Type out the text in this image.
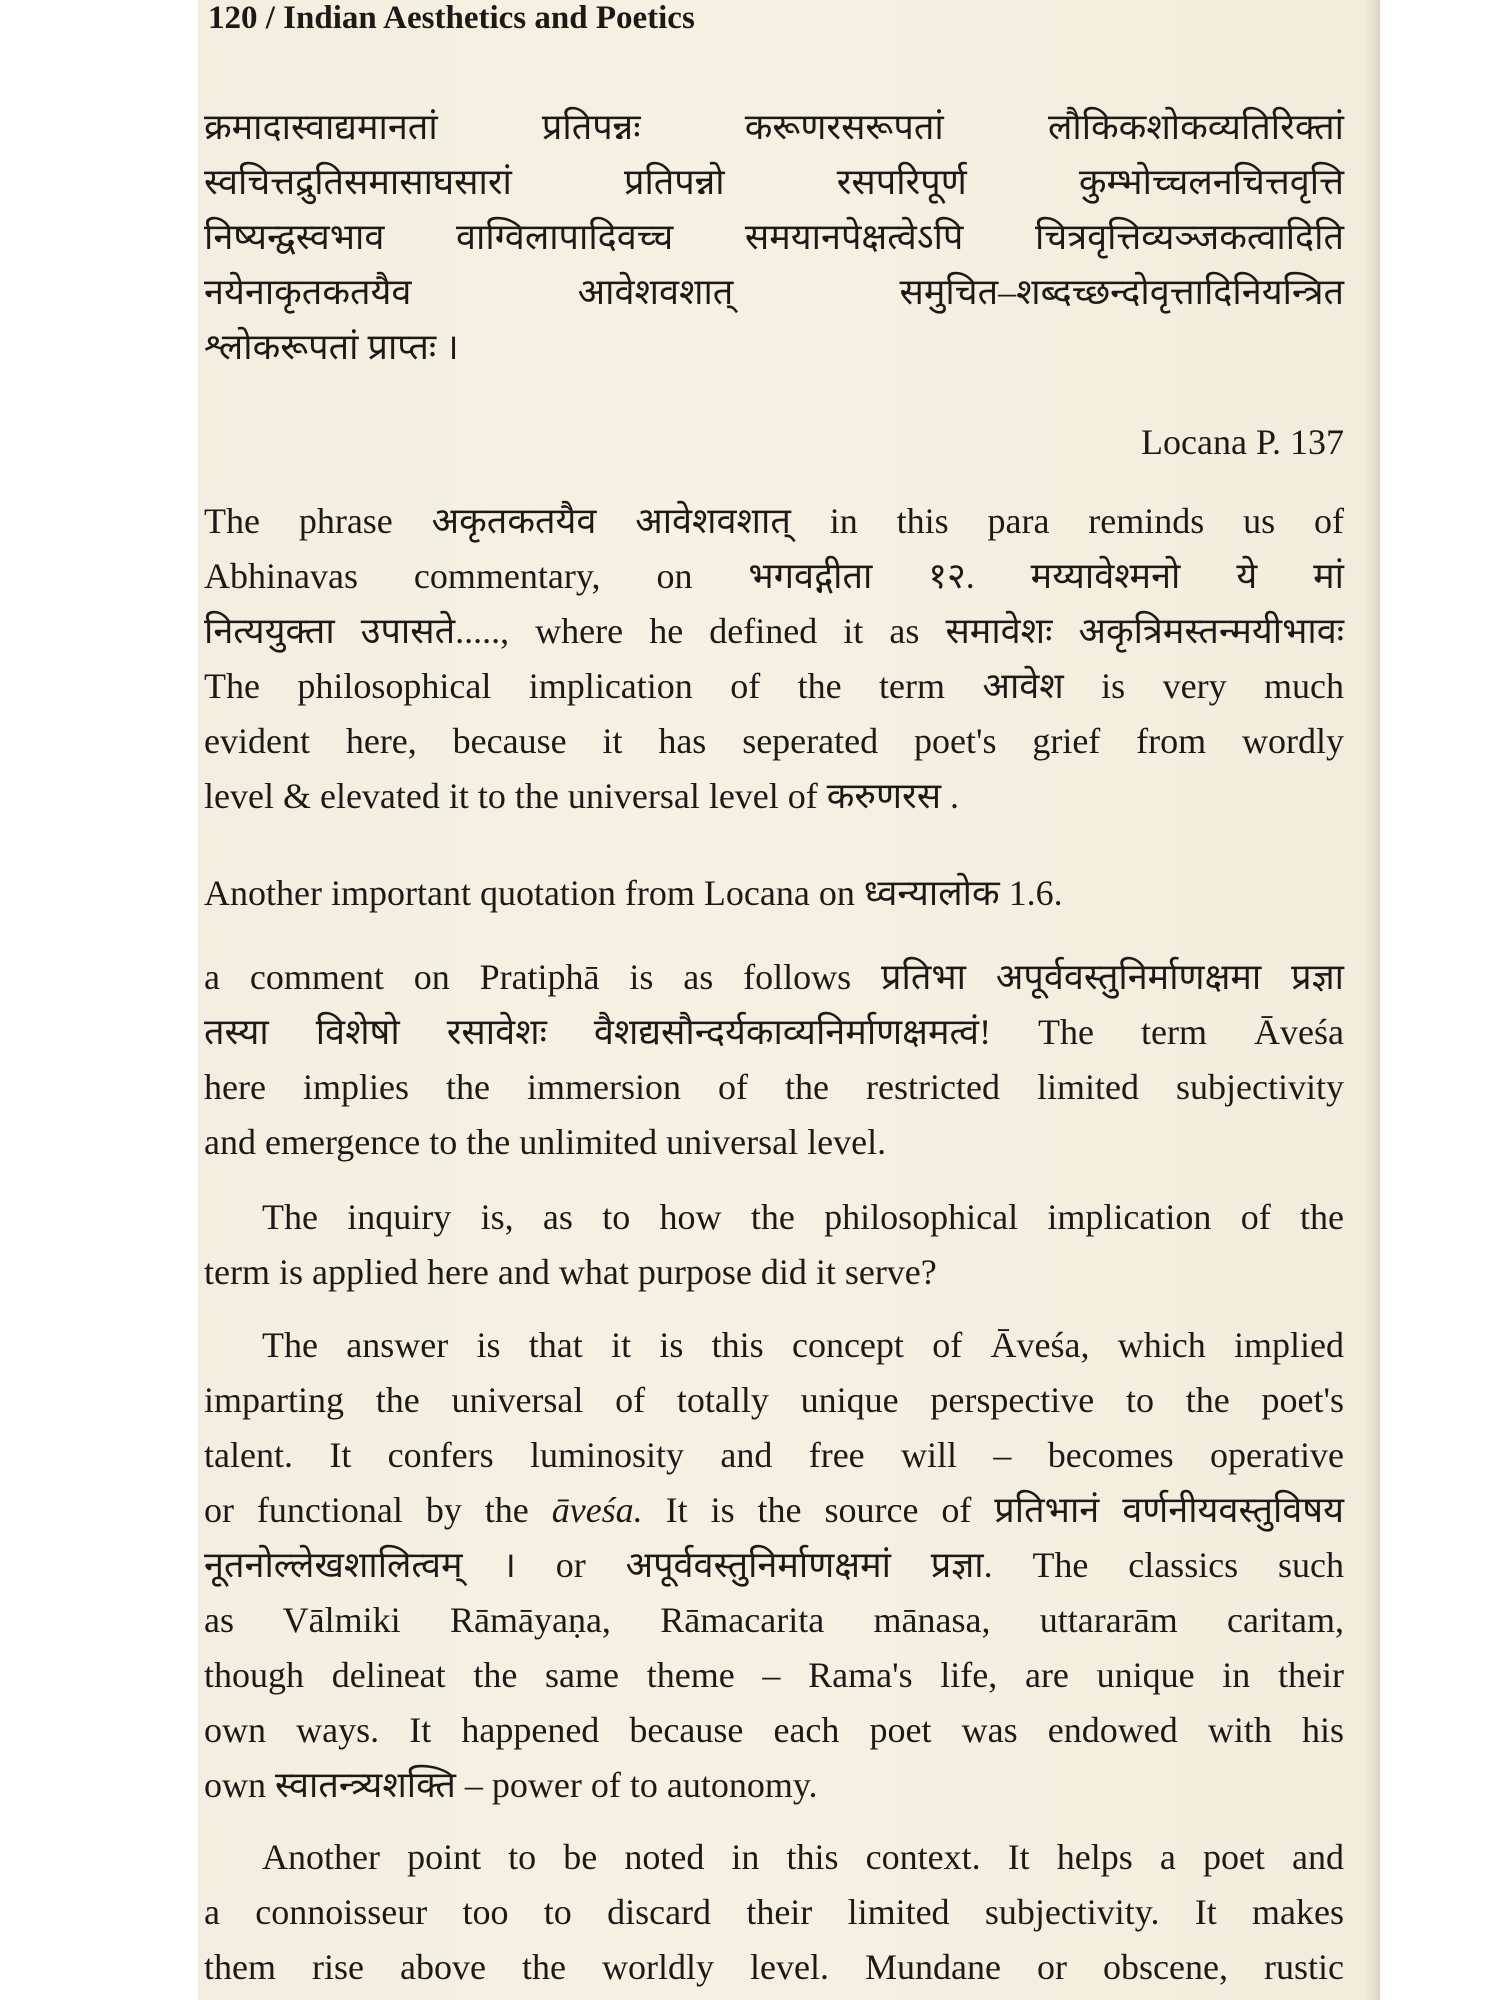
120 / Indian Aesthetics and Poetics
क्रमादास्वाद्यमानतां प्रतिपन्नः करूणरसरूपतां लौकिकशोकव्यतिरिक्तां
स्वचित्तद्रुतिसमासाघसारां प्रतिपन्नो रसपरिपूर्ण कुम्भोच्चलनचित्तवृत्ति
निष्यन्द्वस्वभाव वाग्विलापादिवच्च समयानपेक्षत्वेऽपि चित्रवृत्तिव्यञ्जकत्वादिति
नयेनाकृतकतयैव आवेशवशात् समुचित–शब्दच्छन्दोवृत्तादिनियन्त्रित
श्लोकरूपतां प्राप्तः ।
Locana P. 137
The phrase अकृतकतयैव आवेशवशात् in this para reminds us of
Abhinavas commentary, on भगवद्गीता १२. मय्यावेश्मनो ये मां
नित्ययुक्ता उपासते....., where he defined it as समावेशः अकृत्रिमस्तन्मयीभावः
The philosophical implication of the term आवेश is very much
evident here, because it has seperated poet's grief from wordly
level & elevated it to the universal level of करुणरस .
Another important quotation from Locana on ध्वन्यालोक 1.6.
a comment on Pratiphā is as follows प्रतिभा अपूर्ववस्तुनिर्माणक्षमा प्रज्ञा
तस्या विशेषो रसावेशः वैशद्यसौन्दर्यकाव्यनिर्माणक्षमत्वं! The term Āveśa
here implies the immersion of the restricted limited subjectivity
and emergence to the unlimited universal level.
The inquiry is, as to how the philosophical implication of the
term is applied here and what purpose did it serve?
The answer is that it is this concept of Āveśa, which implied
imparting the universal of totally unique perspective to the poet's
talent. It confers luminosity and free will – becomes operative
or functional by the āveśa. It is the source of प्रतिभानं वर्णनीयवस्तुविषय
नूतनोल्लेखशालित्वम् । or अपूर्ववस्तुनिर्माणक्षमां प्रज्ञा. The classics such
as Vālmiki Rāmāyaṇa, Rāmacarita mānasa, uttararām caritam,
though delineat the same theme – Rama's life, are unique in their
own ways. It happened because each poet was endowed with his
own स्वातन्त्र्यशक्ति – power of to autonomy.
Another point to be noted in this context. It helps a poet and
a connoisseur too to discard their limited subjectivity. It makes
them rise above the worldly level. Mundane or obscene, rustic
